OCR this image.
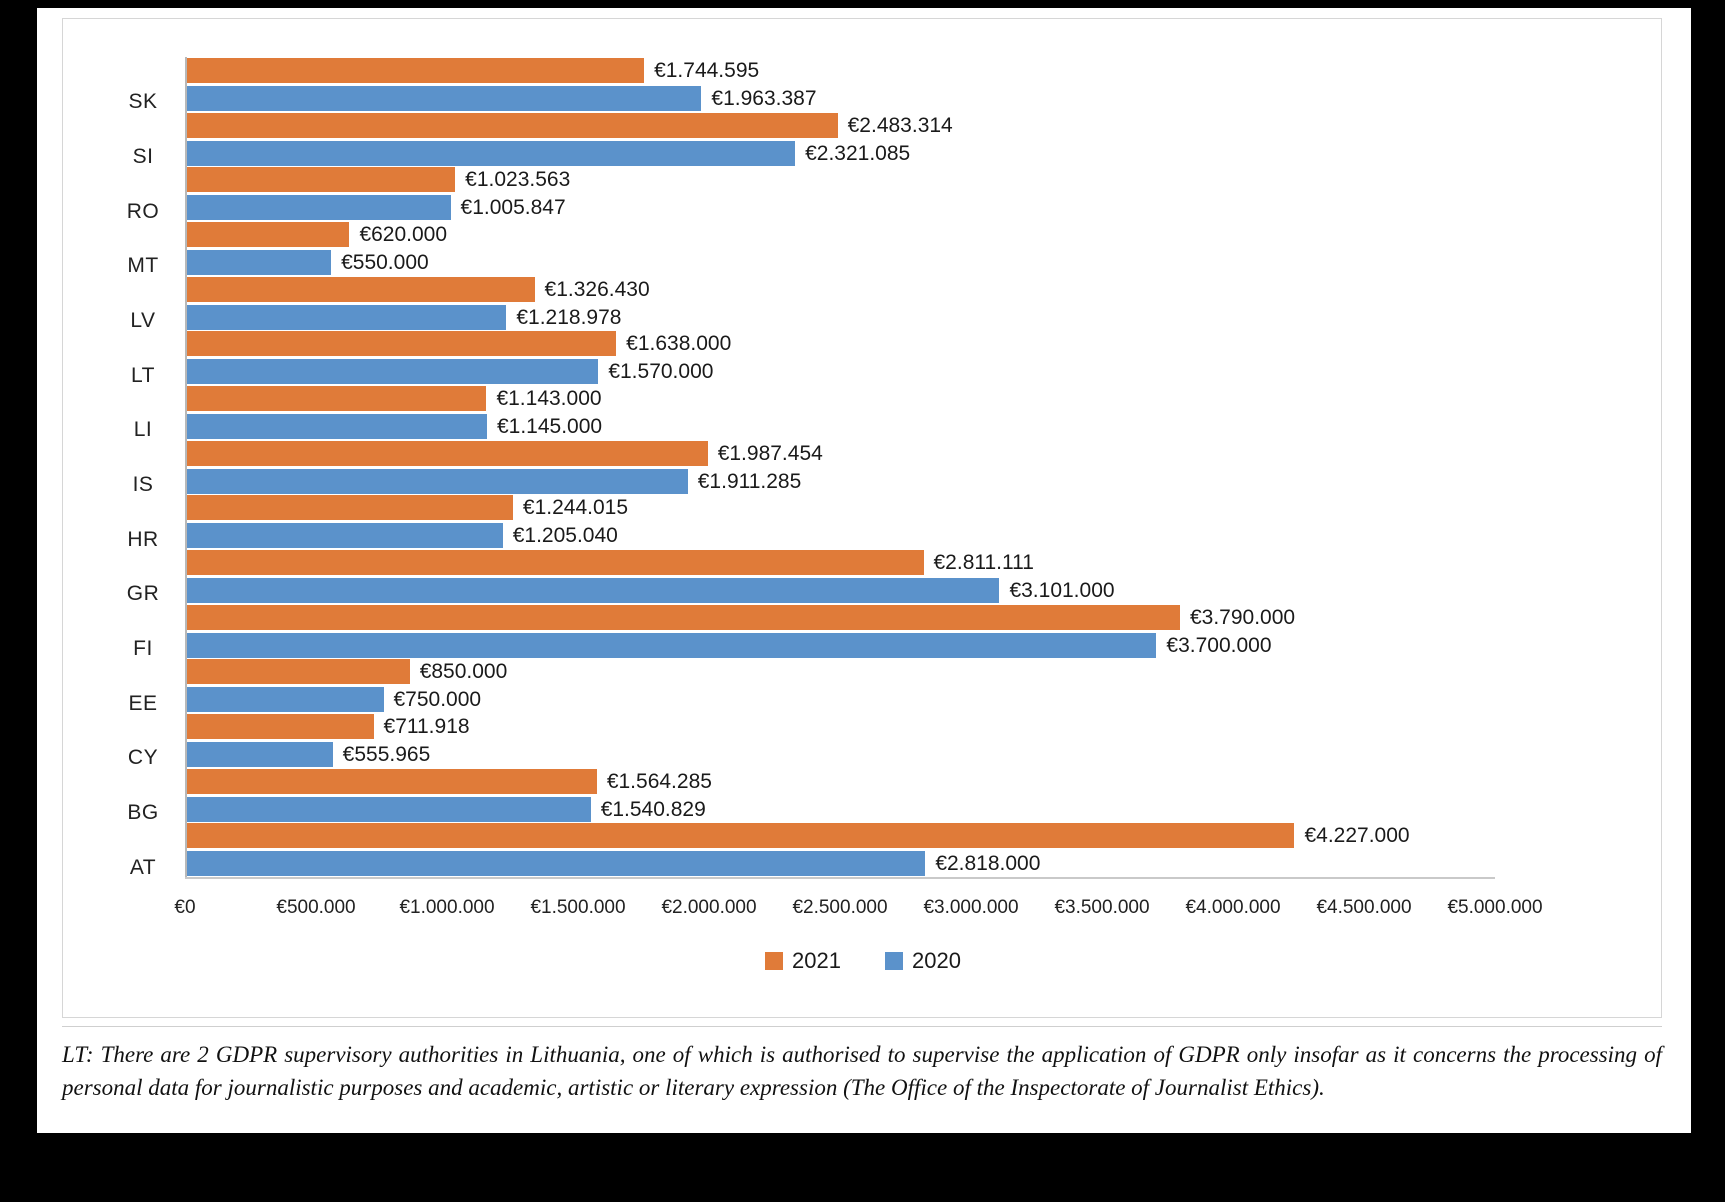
SK
SI
RO
MT
LV
LT
LI
IS
HR
GR
FI
EE
CY
BG
AT
€1.744.595
€1.963.387
€2.483.314
€2.321.085
€1.023.563
€1.005.847
€620.000
€550.000
€1.326.430
€1.218.978
€1.638.000
€1.570.000
€1.143.000
€1.145.000
€1.987.454
€1.911.285
€1.244.015
€1.205.040
€2.811.111
€3.101.000
€3.790.000
€3.700.000
€850.000
€750.000
€711.918
€555.965
€1.564.285
€1.540.829
€4.227.000
€2.818.000
€0	€500.000 €1.000.000 €1.500.000 €2.000.000 €2.500.000 €3.000.000 €3.500.000 €4.000.000 €4.500.000 €5.000.000
2021	2020
LT: There are 2 GDPR supervisory authorities in Lithuania, one of which is authorised to supervise the application of GDPR only insofar as it concerns the processing of personal data for journalistic purposes and academic, artistic or literary expression (The Office of the Inspectorate of Journalist Ethics).
